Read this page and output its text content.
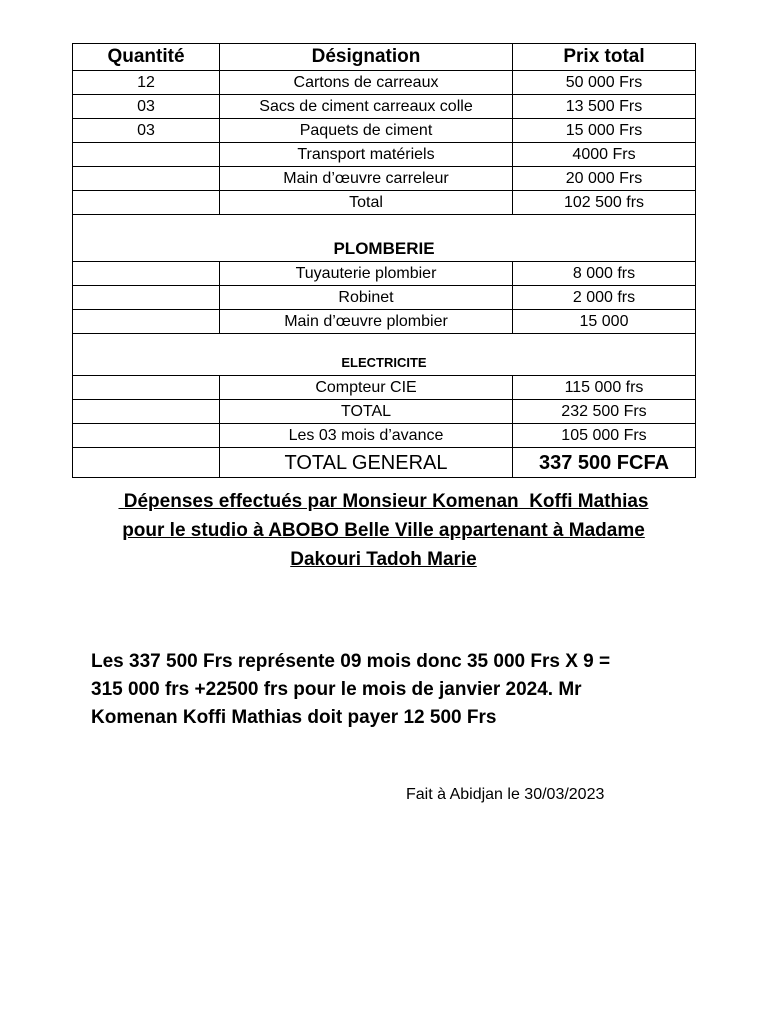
Quantité	Désignation	Prix total
12	Cartons de carreaux	50 000 Frs
03	Sacs de ciment carreaux colle	13 500 Frs
03	Paquets de ciment	15 000 Frs
	Transport matériels	4000 Frs
	Main d’œuvre carreleur	20 000 Frs
	Total	102 500 frs
PLOMBERIE		
	Tuyauterie plombier	8 000 frs
	Robinet	2 000 frs
	Main d’œuvre plombier	15 000
ELECTRICITE		
	Compteur CIE	115 000 frs
	TOTAL	232 500 Frs
	Les 03 mois d’avance	105 000 Frs
	TOTAL GENERAL	337 500 FCFA
Dépenses effectués par Monsieur Komenan  Koffi Mathias
pour le studio à ABOBO Belle Ville appartenant à Madame
Dakouri Tadoh Marie
Les 337 500 Frs représente 09 mois donc 35 000 Frs X 9 =
315 000 frs +22500 frs pour le mois de janvier 2024. Mr
Komenan Koffi Mathias doit payer 12 500 Frs
Fait à Abidjan le 30/03/2023
